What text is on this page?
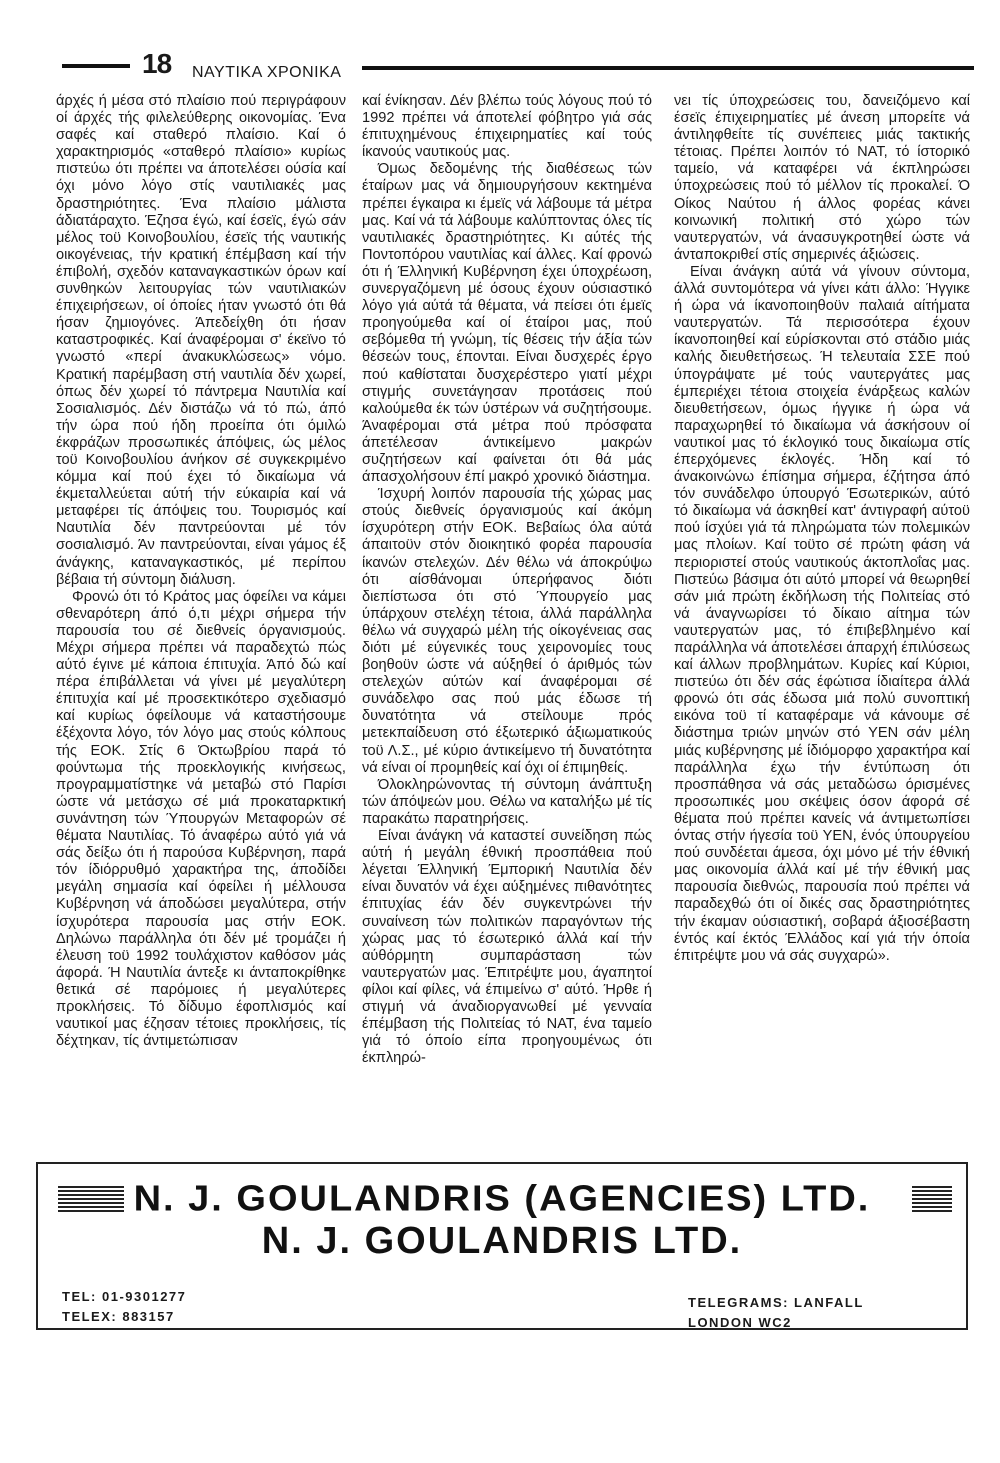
18 ΝΑΥΤΙΚΑ ΧΡΟΝΙΚΑ

άρχές ή μέσα στό πλαίσιο πού περιγράφουν οί άρχές τής φιλελεύθερης οικονομίας. Ένα σαφές καί σταθερό πλαίσιο. Καί ό χαρακτηρισμός «σταθερό πλαίσιο» κυρίως πιστεύω ότι πρέπει να άποτελέσει ούσία καί όχι μόνο λόγο στίς ναυτιλιακές μας δραστηριότητες. Ένα πλαίσιο μάλιστα άδιατάραχτο. Έζησα έγώ, καί έσεϊς, έγώ σάν μέλος τοϋ Κοινοβουλίου, έσεϊς τής ναυτικής οικογένειας, τήν κρατική έπέμβαση καί τήν έπιβολή, σχεδόν καταναγκαστικών όρων καί συνθηκών λειτουργίας τών ναυτιλιακών έπιχειρήσεων, οί όποίες ήταν γνωστό ότι θά ήσαν ζημιογόνες. Άπεδείχθη ότι ήσαν καταστροφικές. Καί άναφέρομαι σ' έκεϊνο τό γνωστό «περί άνακυκλώσεως» νόμο. Κρατική παρέμβαση στή ναυτιλία δέν χωρεί, όπως δέν χωρεί τό πάντρεμα Ναυτιλία καί Σοσιαλισμός. Δέν διστάζω νά τό πώ, άπό τήν ώρα πού ήδη προείπα ότι όμιλώ έκφράζων προσωπικές άπόψεις, ώς μέλος τοϋ Κοινοβουλίου άνήκον σέ συγκεκριμένο κόμμα καί πού έχει τό δικαίωμα νά έκμεταλλεύεται αύτή τήν εύκαιρία καί νά μεταφέρει τίς άπόψεις του. Τουρισμός καί Ναυτιλία δέν παντρεύονται μέ τόν σοσιαλισμό. Άν παντρεύονται, είναι γάμος έξ άνάγκης, καταναγκαστικός, μέ περίπου βέβαια τή σύντομη διάλυση.

Φρονώ ότι τό Κράτος μας όφείλει να κάμει σθεναρότερη άπό ό,τι μέχρι σήμερα τήν παρουσία του σέ διεθνείς όργανισμούς. Μέχρι σήμερα πρέπει νά παραδεχτώ πώς αύτό έγινε μέ κάποια έπιτυχία. Άπό δώ καί πέρα έπιβάλλεται νά γίνει μέ μεγαλύτερη έπιτυχία καί μέ προσεκτικότερο σχεδιασμό καί κυρίως όφείλουμε νά καταστήσουμε έξέχοντα λόγο, τόν λόγο μας στούς κόλπους τής ΕΟΚ. Στίς 6 Όκτωβρίου παρά τό φούντωμα τής προεκλογικής κινήσεως, προγραμματίστηκε νά μεταβώ στό Παρίσι ώστε νά μετάσχω σέ μιά προκαταρκτική συνάντηση τών Ύπουργών Μεταφορών σέ θέματα Ναυτιλίας. Τό άναφέρω αύτό γιά νά σάς δείξω ότι ή παρούσα Κυβέρνηση, παρά τόν ίδιόρρυθμό χαρακτήρα της, άποδίδει μεγάλη σημασία καί όφείλει ή μέλλουσα Κυβέρνηση νά άποδώσει μεγαλύτερα, στήν ίσχυρότερα παρουσία μας στήν ΕΟΚ. Δηλώνω παράλληλα ότι δέν μέ τρομάζει ή έλευση τοϋ 1992 τουλάχιστον καθόσον μάς άφορά. Ή Ναυτιλία άντεξε κι άνταποκρίθηκε θετικά σέ παρόμοιες ή μεγαλύτερες προκλήσεις. Τό δίδυμο έφοπλισμός καί ναυτικοί μας έζησαν τέτοιες προκλήσεις, τίς δέχτηκαν, τίς άντιμετώπισαν

καί ένίκησαν. Δέν βλέπω τούς λόγους πού τό 1992 πρέπει νά άποτελεί φόβητρο γιά σάς έπιτυχημένους έπιχειρηματίες καί τούς ίκανούς ναυτικούς μας.

Όμως δεδομένης τής διαθέσεως τών έταίρων μας νά δημιουργήσουν κεκτημένα πρέπει έγκαιρα κι έμεϊς νά λάβουμε τά μέτρα μας. Καί νά τά λάβουμε καλύπτοντας όλες τίς ναυτιλιακές δραστηριότητες. Κι αύτές τής Ποντοπόρου ναυτιλίας καί άλλες. Καί φρονώ ότι ή Έλληνική Κυβέρνηση έχει ύποχρέωση, συνεργαζόμενη μέ όσους έχουν ούσιαστικό λόγο γιά αύτά τά θέματα, νά πείσει ότι έμεϊς προηγούμεθα καί οί έταίροι μας, πού σεβόμεθα τή γνώμη, τίς θέσεις τήν άξία τών θέσεών τους, έπονται. Είναι δυσχερές έργο πού καθίσταται δυσχερέστερο γιατί μέχρι στιγμής συνετάγησαν προτάσεις πού καλούμεθα έκ τών ύστέρων νά συζητήσουμε. Άναφέρομαι στά μέτρα πού πρόσφατα άπετέλεσαν άντικείμενο μακρών συζητήσεων καί φαίνεται ότι θά μάς άπασχολήσουν έπί μακρό χρονικό διάστημα.

Ίσχυρή λοιπόν παρουσία τής χώρας μας στούς διεθνείς όργανισμούς καί άκόμη ίσχυρότερη στήν ΕΟΚ. Βεβαίως όλα αύτά άπαιτοϋν στόν διοικητικό φορέα παρουσία ίκανών στελεχών. Δέν θέλω νά άποκρύψω ότι αίσθάνομαι ύπερήφανος διότι διεπίστωσα ότι στό Ύπουργείο μας ύπάρχουν στελέχη τέτοια, άλλά παράλληλα θέλω νά συγχαρώ μέλη τής οίκογένειας σας διότι μέ εύγενικές τους χειρονομίες τους βοηθοϋν ώστε νά αύξηθεί ό άριθμός τών στελεχών αύτών καί άναφέρομαι σέ συνάδελφο σας πού μάς έδωσε τή δυνατότητα νά στείλουμε πρός μετεκπαίδευση στό έξωτερικό άξιωματικούς τοϋ Λ.Σ., μέ κύριο άντικείμενο τή δυνατότητα νά είναι οί προμηθείς καί όχι οί έπιμηθείς.

Όλοκληρώνοντας τή σύντομη άνάπτυξη τών άπόψεών μου. Θέλω να καταλήξω μέ τίς παρακάτω παρατηρήσεις.

Είναι άνάγκη νά καταστεί συνείδηση πώς αύτή ή μεγάλη έθνική προσπάθεια πού λέγεται Έλληνική Έμπορική Ναυτιλία δέν είναι δυνατόν νά έχει αύξημένες πιθανότητες έπιτυχίας έάν δέν συγκεντρώνει τήν συναίνεση τών πολιτικών παραγόντων τής χώρας μας τό έσωτερικό άλλά καί τήν αύθόρμητη συμπαράσταση τών ναυτεργατών μας. Έπιτρέψτε μου, άγαπητοί φίλοι καί φίλες, νά έπιμείνω σ' αύτό. Ήρθε ή στιγμή νά άναδιοργανωθεί μέ γενναία έπέμβαση τής Πολιτείας τό ΝΑΤ, ένα ταμείο γιά τό όποίο είπα προηγουμένως ότι έκπληρώ-

νει τίς ύποχρεώσεις του, δανειζόμενο καί έσεϊς έπιχειρηματίες μέ άνεση μπορείτε νά άντιληφθείτε τίς συνέπειες μιάς τακτικής τέτοιας. Πρέπει λοιπόν τό ΝΑΤ, τό ίστορικό ταμείο, νά καταφέρει νά έκπληρώσει ύποχρεώσεις πού τό μέλλον τίς προκαλεί. Ό Οίκος Ναύτου ή άλλος φορέας κάνει κοινωνική πολιτική στό χώρο τών ναυτεργατών, νά άνασυγκροτηθεί ώστε νά άνταποκριθεί στίς σημερινές άξιώσεις.

Είναι άνάγκη αύτά νά γίνουν σύντομα, άλλά συντομότερα νά γίνει κάτι άλλο: Ήγγικε ή ώρα νά ίκανοποιηθοϋν παλαιά αίτήματα ναυτεργατών. Τά περισσότερα έχουν ίκανοποιηθεί καί εύρίσκονται στό στάδιο μιάς καλής διευθετήσεως. Ή τελευταία ΣΣΕ πού ύπογράψατε μέ τούς ναυτεργάτες μας έμπεριέχει τέτοια στοιχεία ένάρξεως καλών διευθετήσεων, όμως ήγγικε ή ώρα νά παραχωρηθεί τό δικαίωμα νά άσκήσουν οί ναυτικοί μας τό έκλογικό τους δικαίωμα στίς έπερχόμενες έκλογές. Ήδη καί τό άνακοινώνω έπίσημα σήμερα, έζήτησα άπό τόν συνάδελφο ύπουργό Έσωτερικών, αύτό τό δικαίωμα νά άσκηθεί κατ' άντιγραφή αύτοϋ πού ίσχύει γιά τά πληρώματα τών πολεμικών μας πλοίων. Καί τοϋτο σέ πρώτη φάση νά περιοριστεί στούς ναυτικούς άκτοπλοΐας μας. Πιστεύω βάσιμα ότι αύτό μπορεί νά θεωρηθεί σάν μιά πρώτη έκδήλωση τής Πολιτείας στό νά άναγνωρίσει τό δίκαιο αίτημα τών ναυτεργατών μας, τό έπιβεβλημένο καί παράλληλα νά άποτελέσει άπαρχή έπιλύσεως καί άλλων προβλημάτων. Κυρίες καί Κύριοι, πιστεύω ότι δέν σάς έφώτισα ίδιαίτερα άλλά φρονώ ότι σάς έδωσα μιά πολύ συνοπτική εικόνα τοϋ τί καταφέραμε νά κάνουμε σέ διάστημα τριών μηνών στό ΥΕΝ σάν μέλη μιάς κυβέρνησης μέ ίδιόμορφο χαρακτήρα καί παράλληλα έχω τήν έντύπωση ότι προσπάθησα νά σάς μεταδώσω όρισμένες προσωπικές μου σκέψεις όσον άφορά σέ θέματα πού πρέπει κανείς νά άντιμετωπίσει όντας στήν ήγεσία τοϋ ΥΕΝ, ένός ύπουργείου πού συνδέεται άμεσα, όχι μόνο μέ τήν έθνική μας οικονομία άλλά καί μέ τήν έθνική μας παρουσία διεθνώς, παρουσία πού πρέπει νά παραδεχθώ ότι οί δικές σας δραστηριότητες τήν έκαμαν ούσιαστική, σοβαρά άξιοσέβαστη έντός καί έκτός Έλλάδος καί γιά τήν όποία έπιτρέψτε μου νά σάς συγχαρώ».

N. J. GOULANDRIS (AGENCIES) LTD.
N. J. GOULANDRIS LTD.
TEL: 01-9301277
TELEX: 883157
TELEGRAMS: LANFALL
LONDON WC2
